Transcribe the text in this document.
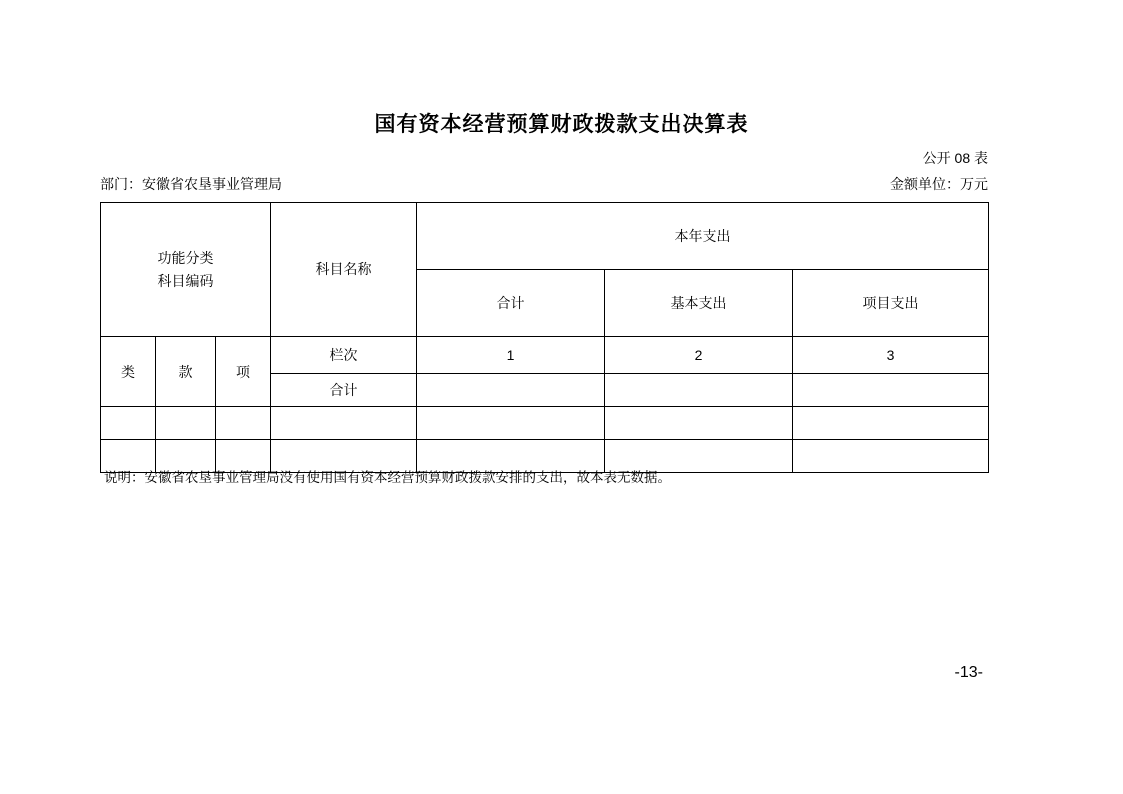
国有资本经营预算财政拨款支出决算表
公开 08 表
部门：安徽省农垦事业管理局	金额单位：万元
功能分类
科目编码			科目名称	本年支出		
				合计	基本支出	项目支出
类	款	项	栏次	1	2	3
			合计			

说明：安徽省农垦事业管理局没有使用国有资本经营预算财政拨款安排的支出，故本表无数据。
-13-
